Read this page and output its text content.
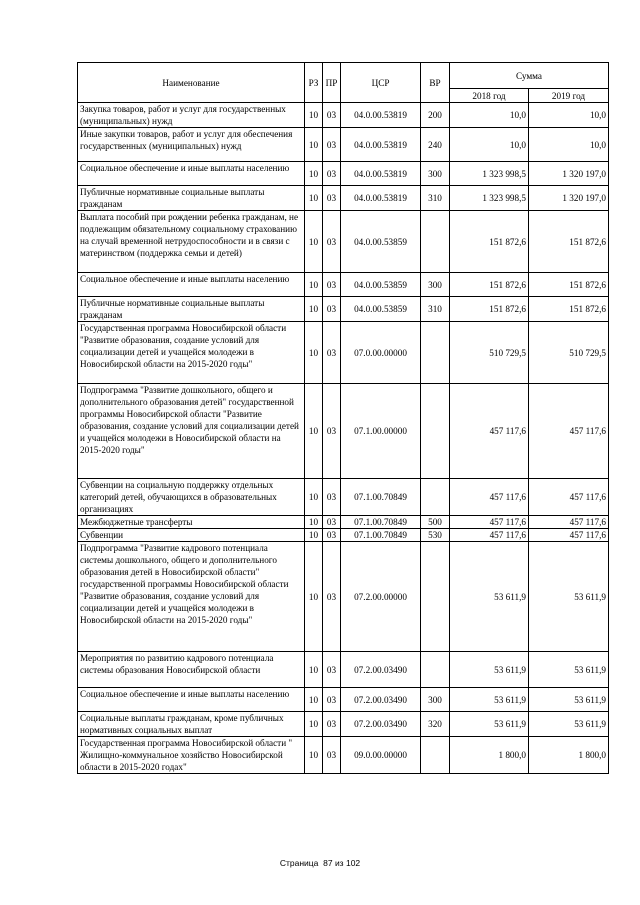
Наименование	РЗ	ПР	ЦСР	ВР	Сумма	
					2018 год	2019 год
Закупка товаров, работ и услуг для государственных (муниципальных) нужд	10	03	04.0.00.53819	200	10,0	10,0
Иные закупки товаров, работ и услуг для обеспечения государственных (муниципальных) нужд	10	03	04.0.00.53819	240	10,0	10,0
Социальное обеспечение и иные выплаты населению	10	03	04.0.00.53819	300	1 323 998,5	1 320 197,0
Публичные нормативные социальные выплаты гражданам	10	03	04.0.00.53819	310	1 323 998,5	1 320 197,0
Выплата пособий при рождении ребенка гражданам, не подлежащим обязательному социальному страхованию на случай временной нетрудоспособности и в связи с материнством (поддержка семьи и детей)	10	03	04.0.00.53859		151 872,6	151 872,6
Социальное обеспечение и иные выплаты населению	10	03	04.0.00.53859	300	151 872,6	151 872,6
Публичные нормативные социальные выплаты гражданам	10	03	04.0.00.53859	310	151 872,6	151 872,6
Государственная программа Новосибирской области "Развитие образования, создание условий для социализации детей и учащейся молодежи в Новосибирской области на 2015-2020 годы"	10	03	07.0.00.00000		510 729,5	510 729,5
Подпрограмма "Развитие дошкольного, общего и дополнительного образования детей" государственной программы Новосибирской области "Развитие образования, создание условий для социализации детей и учащейся молодежи в Новосибирской области на 2015-2020 годы"	10	03	07.1.00.00000		457 117,6	457 117,6
Субвенции на социальную поддержку отдельных категорий детей, обучающихся в образовательных организациях	10	03	07.1.00.70849		457 117,6	457 117,6
Межбюджетные трансферты	10	03	07.1.00.70849	500	457 117,6	457 117,6
Субвенции	10	03	07.1.00.70849	530	457 117,6	457 117,6
Подпрограмма "Развитие кадрового потенциала системы дошкольного, общего и дополнительного образования детей в Новосибирской области" государственной программы Новосибирской области "Развитие образования, создание условий для социализации детей и учащейся молодежи в Новосибирской области на 2015-2020 годы"	10	03	07.2.00.00000		53 611,9	53 611,9
Мероприятия по развитию кадрового потенциала системы образования Новосибирской области	10	03	07.2.00.03490		53 611,9	53 611,9
Социальное обеспечение и иные выплаты населению	10	03	07.2.00.03490	300	53 611,9	53 611,9
Социальные выплаты гражданам, кроме публичных нормативных социальных выплат	10	03	07.2.00.03490	320	53 611,9	53 611,9
Государственная программа Новосибирской области " Жилищно-коммунальное хозяйство Новосибирской области в 2015-2020 годах"	10	03	09.0.00.00000		1 800,0	1 800,0
Страница 87 из 102
